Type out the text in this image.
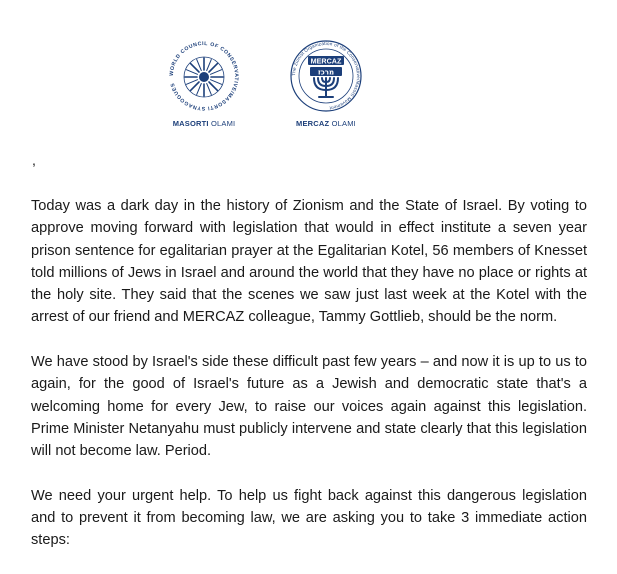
WORLD COUNCIL OF CONSERVATIVE/MASORTI SYNAGOGUES
MASORTI OLAMI
The Zionist Organization of the Conservative/Masorti Movement
MERCAZ
מרכז
MERCAZ OLAMI
,

Today was a dark day in the history of Zionism and the State of Israel. By voting to approve moving forward with legislation that would in effect institute a seven year prison sentence for egalitarian prayer at the Egalitarian Kotel, 56 members of Knesset told millions of Jews in Israel and around the world that they have no place or rights at the holy site. They said that the scenes we saw just last week at the Kotel with the arrest of our friend and MERCAZ colleague, Tammy Gottlieb, should be the norm.

We have stood by Israel's side these difficult past few years – and now it is up to us to again, for the good of Israel's future as a Jewish and democratic state that's a welcoming home for every Jew, to raise our voices again against this legislation. Prime Minister Netanyahu must publicly intervene and state clearly that this legislation will not become law. Period.

We need your urgent help. To help us fight back against this dangerous legislation and to prevent it from becoming law, we are asking you to take 3 immediate action steps:
